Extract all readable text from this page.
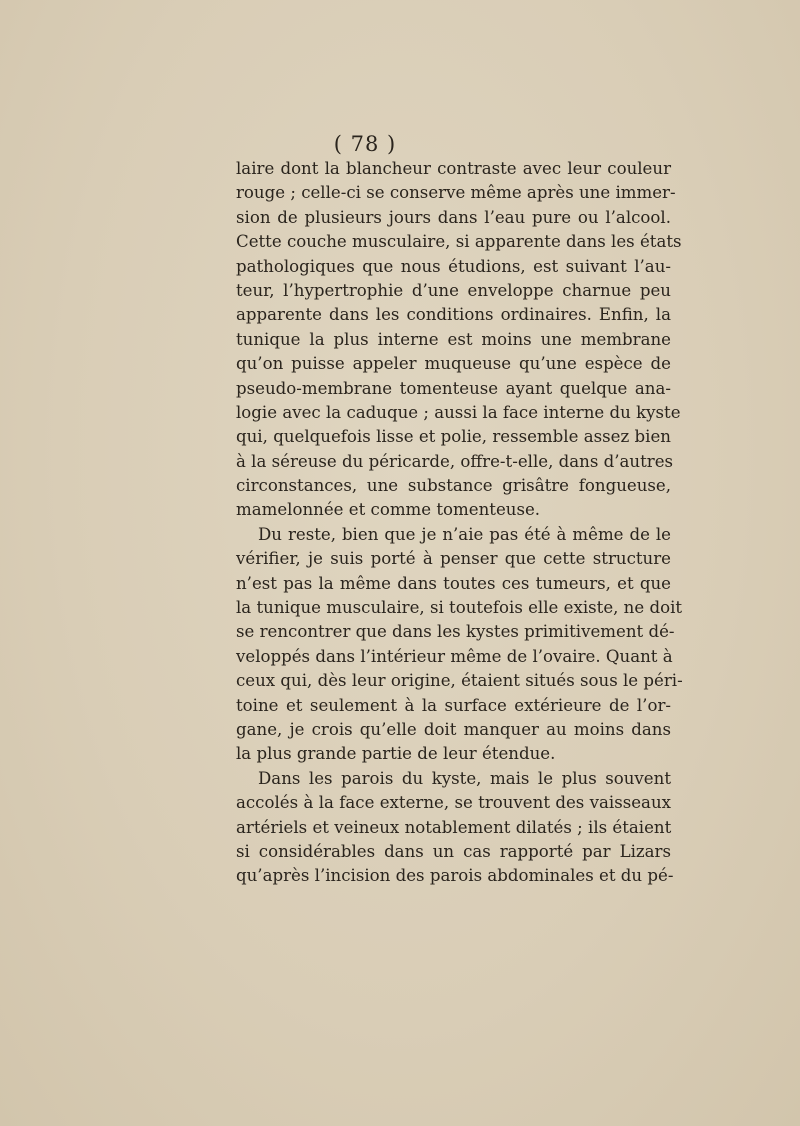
( 78 )
laire dont la blancheur contraste avec leur couleur
rouge ; celle-ci se conserve même après une immer-
sion de plusieurs jours dans l’eau pure ou l’alcool.
Cette couche musculaire, si apparente dans les états
pathologiques que nous étudions, est suivant l’au-
teur, l’hypertrophie d’une enveloppe charnue peu
apparente dans les conditions ordinaires. Enfin, la
tunique la plus interne est moins une membrane
qu’on puisse appeler muqueuse qu’une espèce de
pseudo-membrane tomenteuse ayant quelque ana-
logie avec la caduque ; aussi la face interne du kyste
qui, quelquefois lisse et polie, ressemble assez bien
à la séreuse du péricarde, offre-t-elle, dans d’autres
circonstances, une substance grisâtre fongueuse,
mamelonnée et comme tomenteuse.
Du reste, bien que je n’aie pas été à même de le
vérifier, je suis porté à penser que cette structure
n’est pas la même dans toutes ces tumeurs, et que
la tunique musculaire, si toutefois elle existe, ne doit
se rencontrer que dans les kystes primitivement dé-
veloppés dans l’intérieur même de l’ovaire. Quant à
ceux qui, dès leur origine, étaient situés sous le péri-
toine et seulement à la surface extérieure de l’or-
gane, je crois qu’elle doit manquer au moins dans
la plus grande partie de leur étendue.
Dans les parois du kyste, mais le plus souvent
accolés à la face externe, se trouvent des vaisseaux
artériels et veineux notablement dilatés ; ils étaient
si considérables dans un cas rapporté par Lizars
qu’après l’incision des parois abdominales et du pé-
